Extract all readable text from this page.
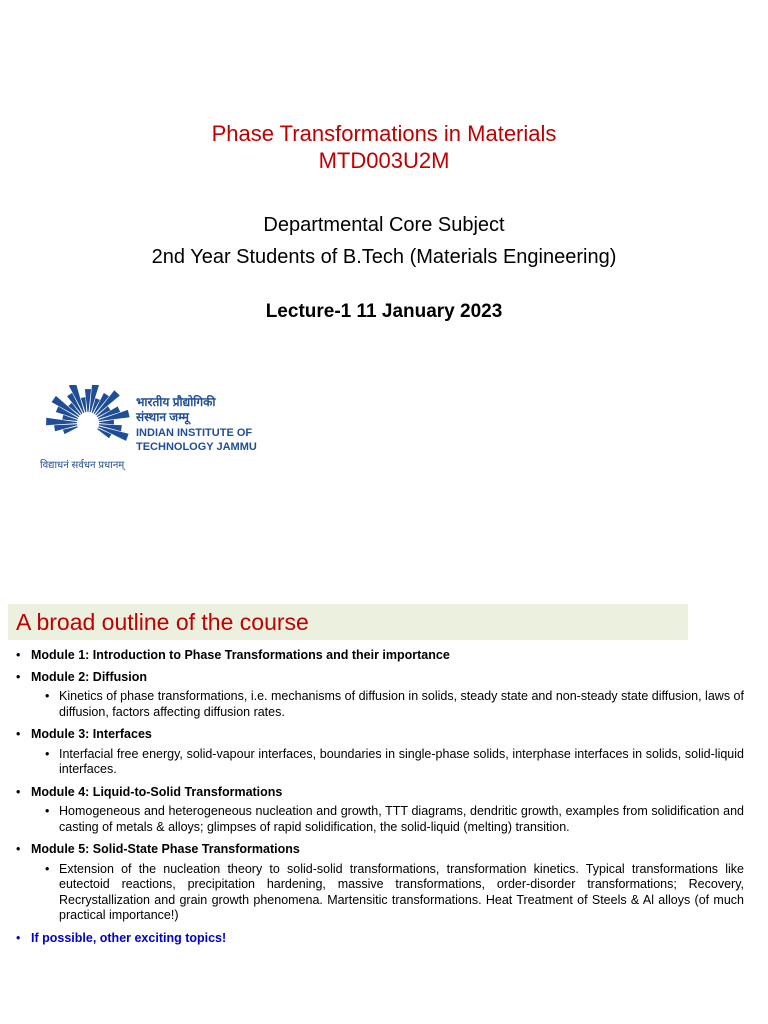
Phase Transformations in Materials
MTD003U2M
Departmental Core Subject
2nd Year Students of B.Tech (Materials Engineering)
Lecture-1 11 January 2023
भारतीय प्रौद्योगिकी
संस्थान जम्मू
INDIAN INSTITUTE OF
TECHNOLOGY JAMMU
विद्याधनं सर्वधन प्रधानम्
A broad outline of the course
• Module 1: Introduction to Phase Transformations and their importance
• Module 2: Diffusion
• Kinetics of phase transformations, i.e. mechanisms of diffusion in solids, steady state and non-steady state diffusion, laws of diffusion, factors affecting diffusion rates.
• Module 3: Interfaces
• Interfacial free energy, solid-vapour interfaces, boundaries in single-phase solids, interphase interfaces in solids, solid-liquid interfaces.
• Module 4: Liquid-to-Solid Transformations
• Homogeneous and heterogeneous nucleation and growth, TTT diagrams, dendritic growth, examples from solidification and casting of metals & alloys; glimpses of rapid solidification, the solid-liquid (melting) transition.
• Module 5: Solid-State Phase Transformations
• Extension of the nucleation theory to solid-solid transformations, transformation kinetics. Typical transformations like eutectoid reactions, precipitation hardening, massive transformations, order-disorder transformations; Recovery, Recrystallization and grain growth phenomena. Martensitic transformations. Heat Treatment of Steels & Al alloys (of much practical importance!)
• If possible, other exciting topics!
